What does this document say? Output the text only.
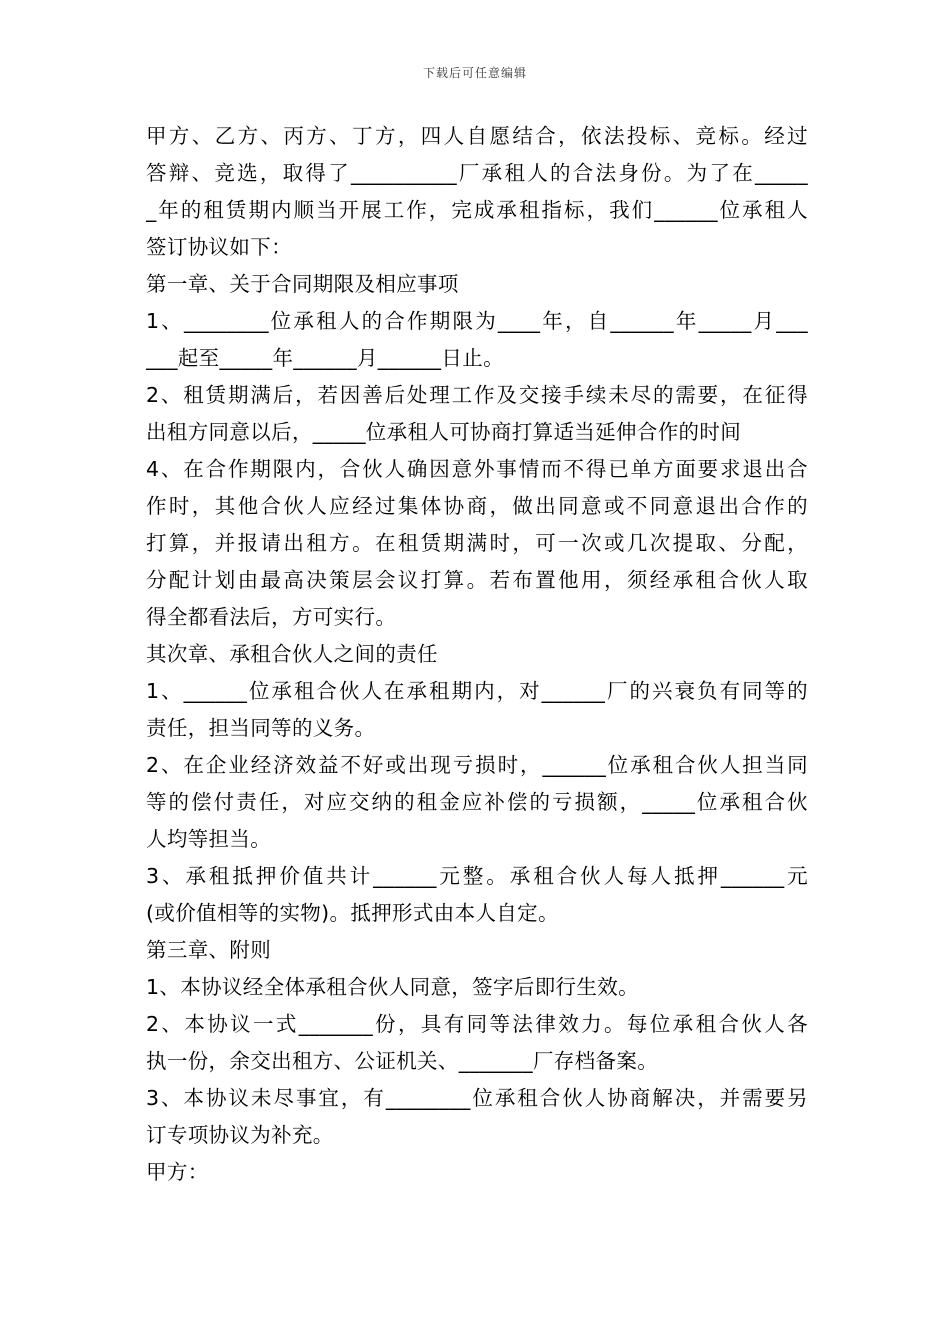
下载后可任意编辑
甲方、乙方、丙方、丁方，四人自愿结合，依法投标、竞标。经过
答辩、竞选，取得了__________厂承租人的合法身份。为了在_____
_年的租赁期内顺当开展工作，完成承租指标，我们______位承租人
签订协议如下：
第一章、关于合同期限及相应事项
1、________位承租人的合作期限为____年，自______年_____月___
___起至_____年______月______日止。
2、租赁期满后，若因善后处理工作及交接手续未尽的需要，在征得
出租方同意以后，_____位承租人可协商打算适当延伸合作的时间
4、在合作期限内，合伙人确因意外事情而不得已单方面要求退出合
作时，其他合伙人应经过集体协商，做出同意或不同意退出合作的
打算，并报请出租方。在租赁期满时，可一次或几次提取、分配，
分配计划由最高决策层会议打算。若布置他用，须经承租合伙人取
得全都看法后，方可实行。
其次章、承租合伙人之间的责任
1、______位承租合伙人在承租期内，对______厂的兴衰负有同等的
责任，担当同等的义务。
2、在企业经济效益不好或出现亏损时，______位承租合伙人担当同
等的偿付责任，对应交纳的租金应补偿的亏损额，_____位承租合伙
人均等担当。
3、承租抵押价值共计______元整。承租合伙人每人抵押______元
(或价值相等的实物)。抵押形式由本人自定。
第三章、附则
1、本协议经全体承租合伙人同意，签字后即行生效。
2、本协议一式_______份，具有同等法律效力。每位承租合伙人各
执一份，余交出租方、公证机关、_______厂存档备案。
3、本协议未尽事宜，有________位承租合伙人协商解决，并需要另
订专项协议为补充。
甲方：
